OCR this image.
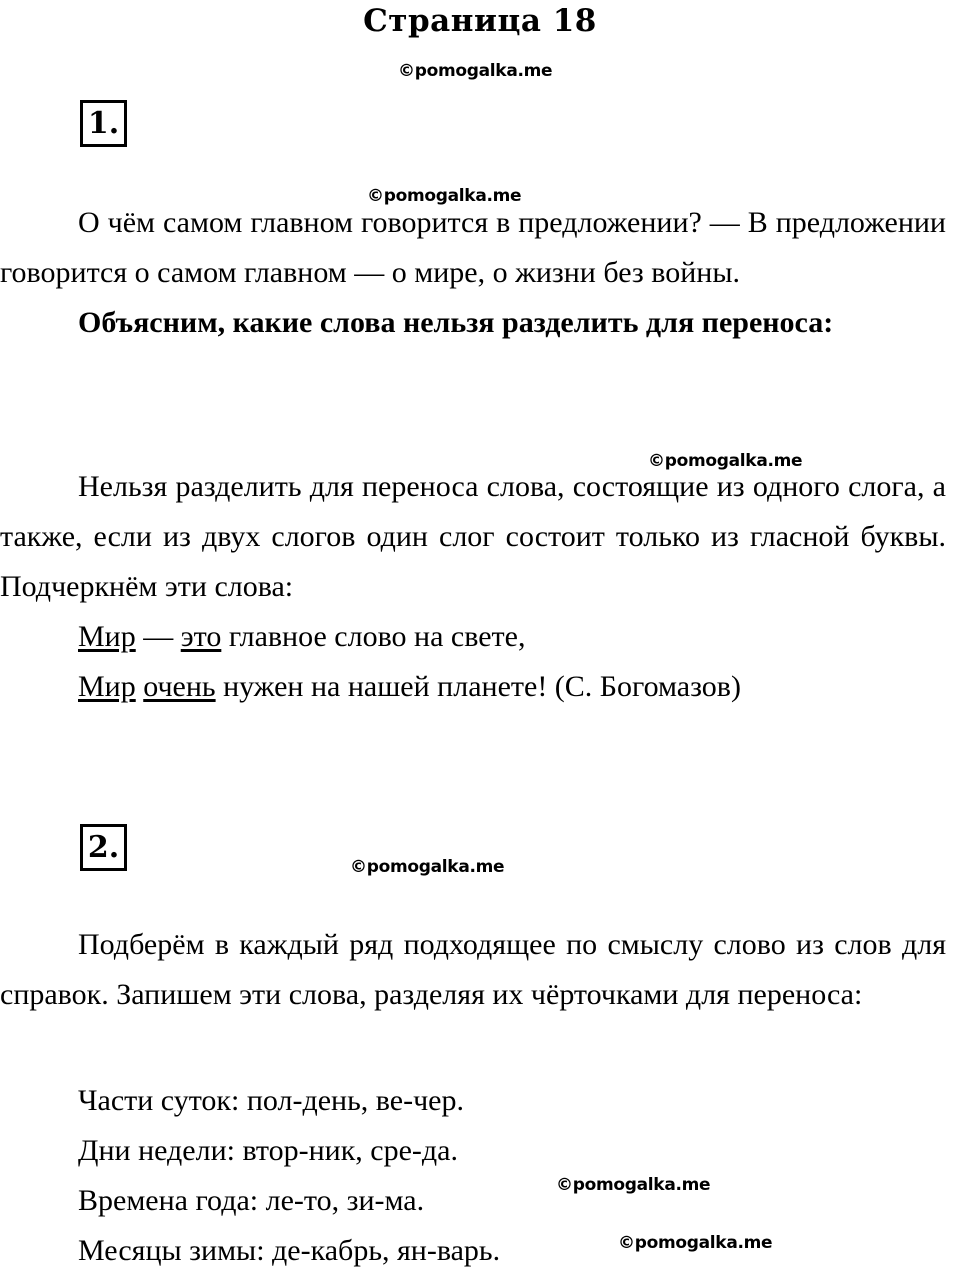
Страница 18
©pomogalka.me
©pomogalka.me
©pomogalka.me
©pomogalka.me
©pomogalka.me
©pomogalka.me
1.

О чём самом главном говорится в предложении? — В предложении говорится о самом главном — о мире, о жизни без войны.

Объясним, какие слова нельзя разделить для переноса:

Нельзя разделить для переноса слова, состоящие из одного слога, а также, если из двух слогов один слог состоит только из гласной буквы. Подчеркнём эти слова:

Мир — это главное слово на свете,

Мир очень нужен на нашей планете! (С. Богомазов)

2.

Подберём в каждый ряд подходящее по смыслу слово из слов для справок. Запишем эти слова, разделяя их чёрточками для переноса:

Части суток: пол-день, ве-чер.

Дни недели: втор-ник, сре-да.

Времена года: ле-то, зи-ма.

Месяцы зимы: де-кабрь, ян-варь.
